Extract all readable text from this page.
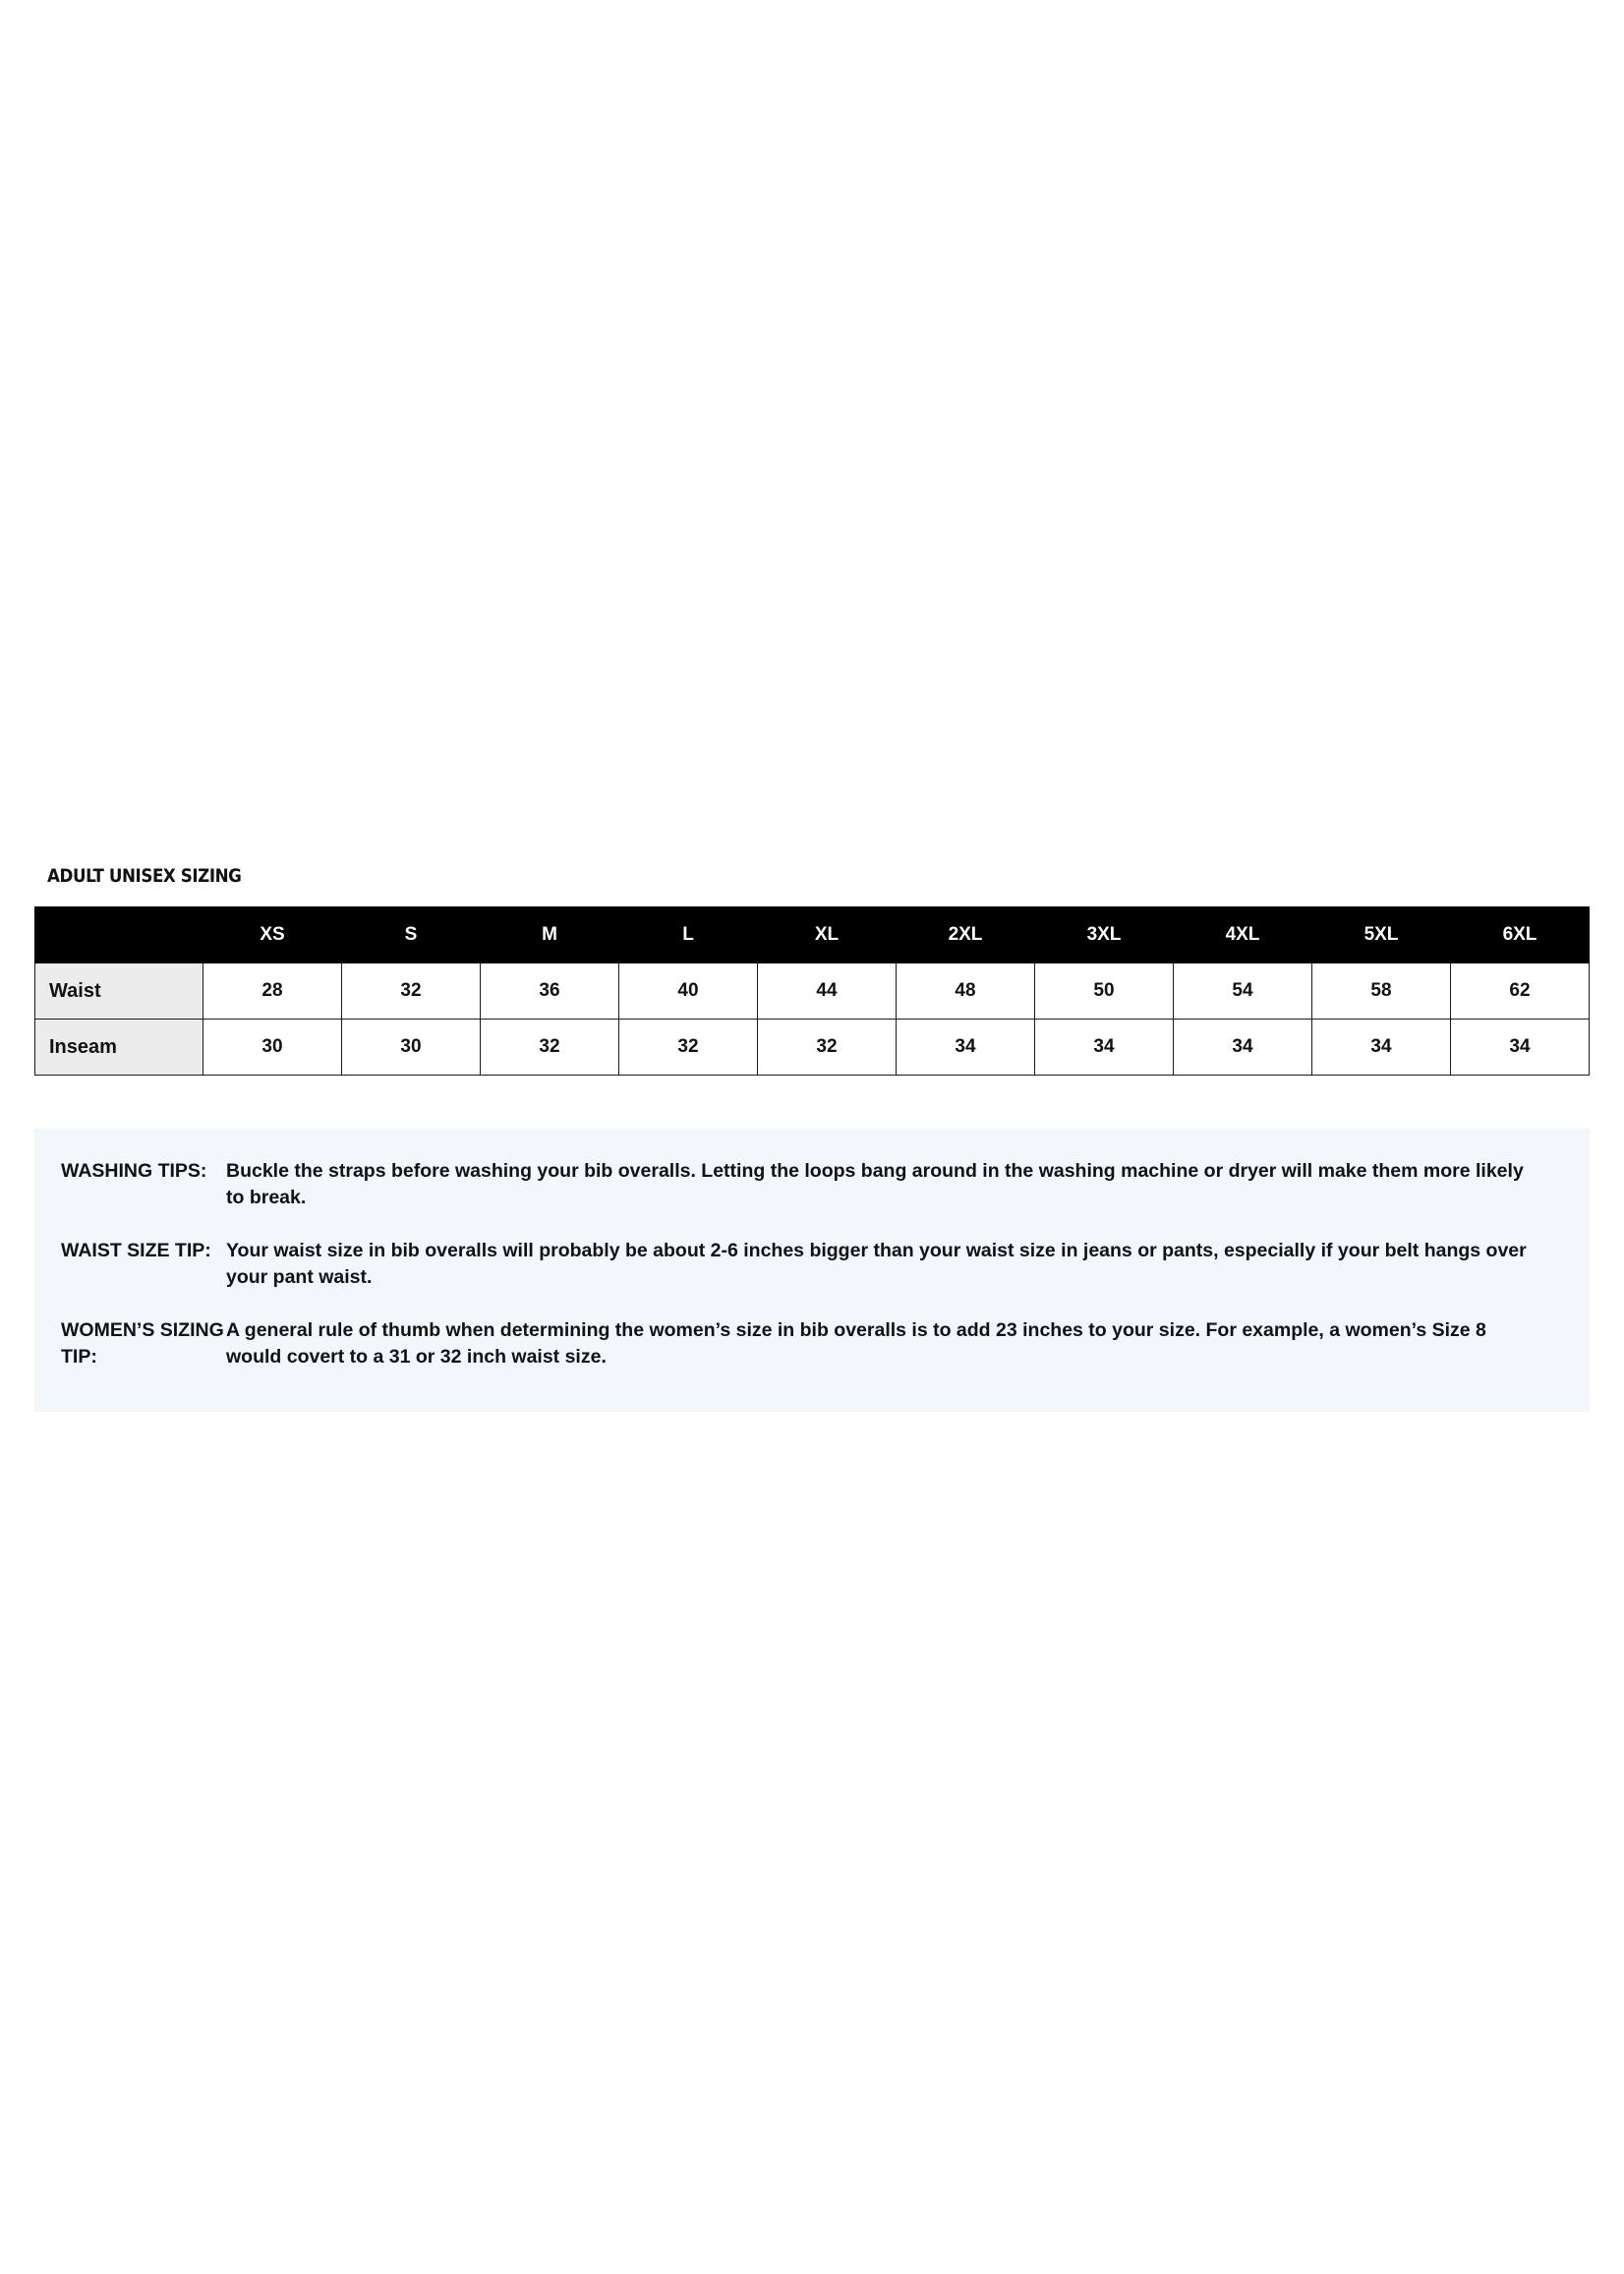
ADULT UNISEX SIZING
	XS	S	M	L	XL	2XL	3XL	4XL	5XL	6XL
Waist	28	32	36	40	44	48	50	54	58	62
Inseam	30	30	32	32	32	34	34	34	34	34
WASHING TIPS:	Buckle the straps before washing your bib overalls. Letting the loops bang around in the washing machine or dryer will make them more likely to break.
WAIST SIZE TIP: Your waist size in bib overalls will probably be about 2-6 inches bigger than your waist size in jeans or pants, especially if your belt hangs over your pant waist.
WOMEN’S SIZING TIP:
A general rule of thumb when determining the women’s size in bib overalls is to add 23 inches to your size. For example, a women’s Size 8 would covert to a 31 or 32 inch waist size.
